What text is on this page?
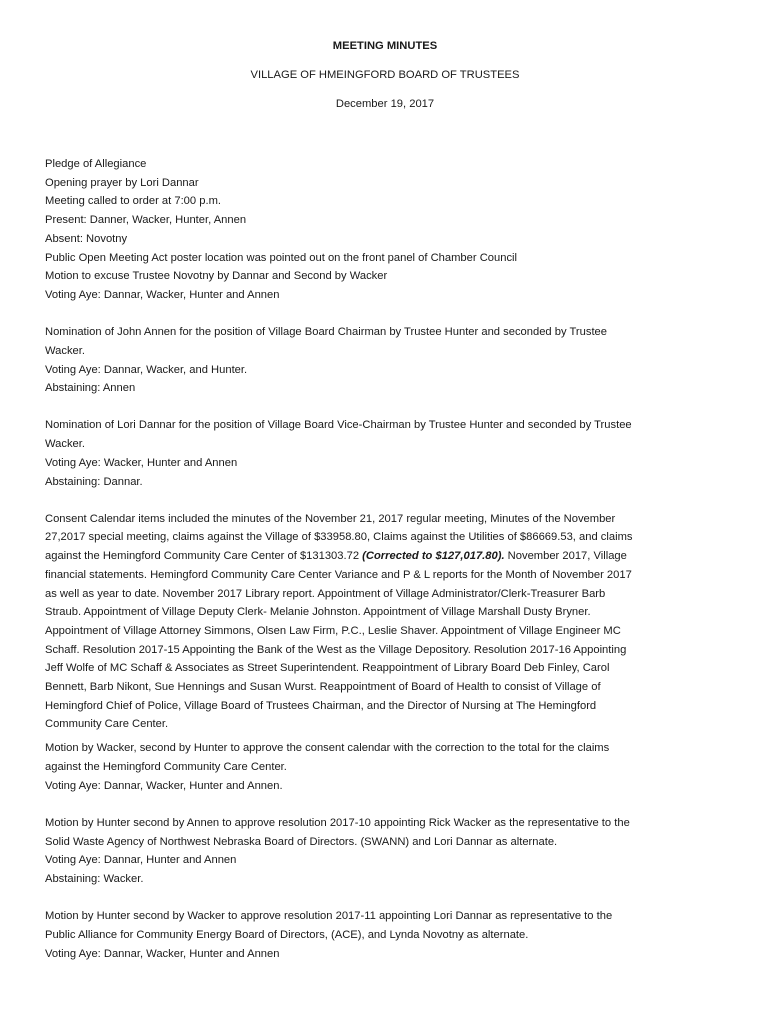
MEETING MINUTES
VILLAGE OF HMEINGFORD BOARD OF TRUSTEES
December 19, 2017
Pledge of Allegiance
Opening prayer by Lori Dannar
Meeting called to order at 7:00 p.m.
Present: Danner, Wacker, Hunter, Annen
Absent: Novotny
Public Open Meeting Act poster location was pointed out on the front panel of Chamber Council
Motion to excuse Trustee Novotny by Dannar and Second by Wacker
Voting Aye: Dannar, Wacker, Hunter and Annen
Nomination of John Annen for the position of Village Board Chairman by Trustee Hunter and seconded by Trustee
Wacker.
Voting Aye: Dannar, Wacker, and Hunter.
Abstaining: Annen
Nomination of Lori Dannar for the position of Village Board Vice-Chairman by Trustee Hunter and seconded by Trustee
Wacker.
Voting Aye: Wacker, Hunter and Annen
Abstaining: Dannar.
Consent Calendar items included the minutes of the November 21, 2017 regular meeting, Minutes of the November
27,2017 special meeting, claims against the Village of $33958.80, Claims against the Utilities of $86669.53, and claims
against the Hemingford Community Care Center of $131303.72 (Corrected to $127,017.80). November 2017, Village
financial statements. Hemingford Community Care Center Variance and P & L reports for the Month of November 2017
as well as year to date. November 2017 Library report. Appointment of Village Administrator/Clerk-Treasurer Barb
Straub. Appointment of Village Deputy Clerk- Melanie Johnston. Appointment of Village Marshall Dusty Bryner.
Appointment of Village Attorney Simmons, Olsen Law Firm, P.C., Leslie Shaver. Appointment of Village Engineer MC
Schaff. Resolution 2017-15 Appointing the Bank of the West as the Village Depository. Resolution 2017-16 Appointing
Jeff Wolfe of MC Schaff & Associates as Street Superintendent. Reappointment of Library Board Deb Finley, Carol
Bennett, Barb Nikont, Sue Hennings and Susan Wurst. Reappointment of Board of Health to consist of Village of
Hemingford Chief of Police, Village Board of Trustees Chairman, and the Director of Nursing at The Hemingford
Community Care Center.
Motion by Wacker, second by Hunter to approve the consent calendar with the correction to the total for the claims
against the Hemingford Community Care Center.
Voting Aye: Dannar, Wacker, Hunter and Annen.
Motion by Hunter second by Annen to approve resolution 2017-10 appointing Rick Wacker as the representative to the
Solid Waste Agency of Northwest Nebraska Board of Directors. (SWANN) and Lori Dannar as alternate.
Voting Aye: Dannar, Hunter and Annen
Abstaining: Wacker.
Motion by Hunter second by Wacker to approve resolution 2017-11 appointing Lori Dannar as representative to the
Public Alliance for Community Energy Board of Directors, (ACE), and Lynda Novotny as alternate.
Voting Aye: Dannar, Wacker, Hunter and Annen
